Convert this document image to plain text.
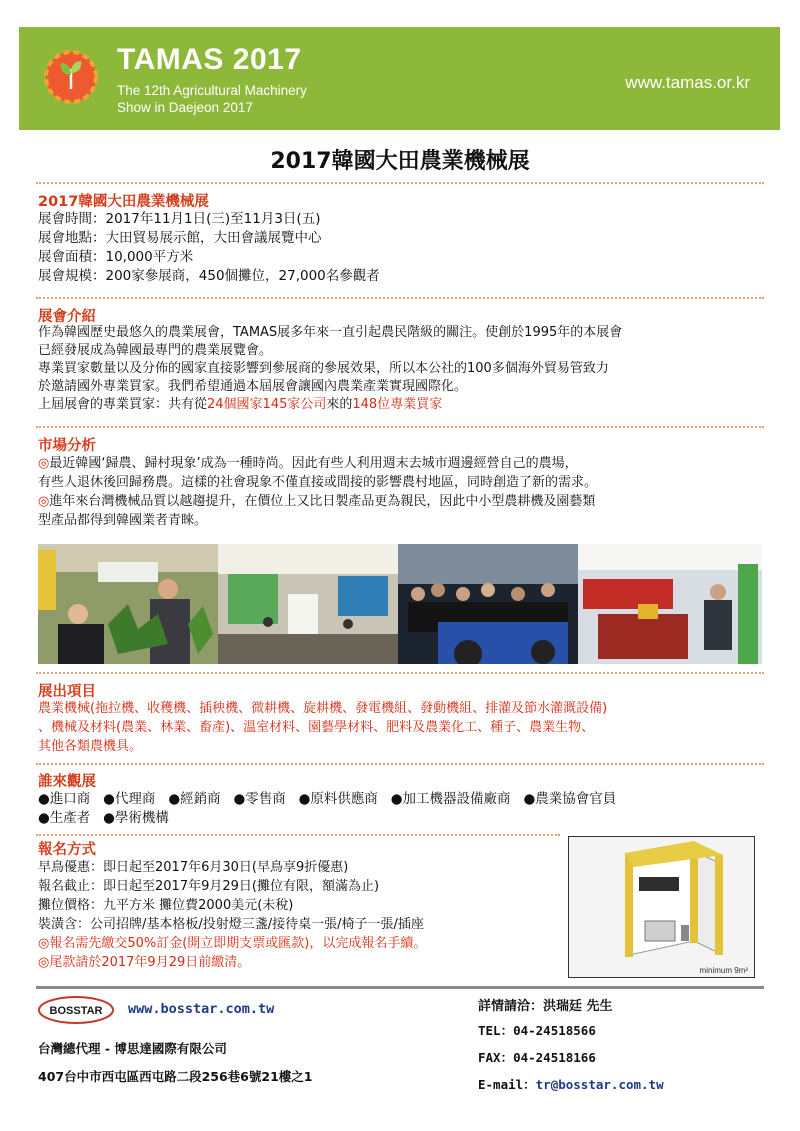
TAMAS 2017
The 12th Agricultural Machinery
Show in Daejeon 2017
www.tamas.or.kr
2017韓國大田農業機械展
2017韓國大田農業機械展
展會時間：2017年11月1日(三)至11月3日(五)
展會地點：大田貿易展示館，大田會議展覽中心
展會面積：10,000平方米
展會規模：200家參展商，450個攤位，27,000名參觀者
展會介紹
作為韓國歷史最悠久的農業展會，TAMAS展多年來一直引起農民階級的關注。使創於1995年的本展會
已經發展成為韓國最專門的農業展覽會。
專業買家數量以及分佈的國家直接影響到參展商的參展效果，所以本公社的100多個海外貿易管致力
於邀請國外專業買家。我們希望通過本屆展會讓國內農業產業實現國際化。
上屆展會的專業買家：共有從24個國家145家公司來的148位專業買家
市場分析
◎最近韓國‘歸農、歸村現象’成為一種時尚。因此有些人利用週末去城市週邊經營自己的農場，
有些人退休後回歸務農。這樣的社會現象不僅直接或間接的影響農村地區，同時創造了新的需求。
◎進年來台灣機械品質以越趨提升，在價位上又比日製產品更為親民，因此中小型農耕機及園藝類
型產品都得到韓國業者青睞。
展出項目
農業機械(拖拉機、收穫機、插秧機、微耕機、旋耕機、發電機組、發動機組、排灌及節水灌溉設備)
、機械及材料(農業、林業、畜產)、溫室材料、園藝學材料、肥料及農業化工、種子、農業生物、
其他各類農機具。
誰來觀展
●進口商 ●代理商 ●經銷商 ●零售商 ●原料供應商 ●加工機器設備廠商 ●農業協會官員
●生產者 ●學術機構
報名方式
早鳥優惠：即日起至2017年6月30日(早鳥享9折優惠)
報名截止：即日起至2017年9月29日(攤位有限，額滿為止)
攤位價格：九平方米 攤位費2000美元(未稅)
裝潢含：公司招牌/基本格板/投射燈三盞/接待桌一張/椅子一張/插座
◎報名需先繳交50%訂金(開立即期支票或匯款)，以完成報名手續。
◎尾款請於2017年9月29日前繳清。
minimum 9m²
BOSSTAR www.bosstar.com.tw
台灣總代理 - 博思達國際有限公司
407台中市西屯區西屯路二段256巷6號21樓之1
詳情請洽：洪瑞廷 先生
TEL：04-24518566
FAX：04-24518166
E-mail：tr@bosstar.com.tw
